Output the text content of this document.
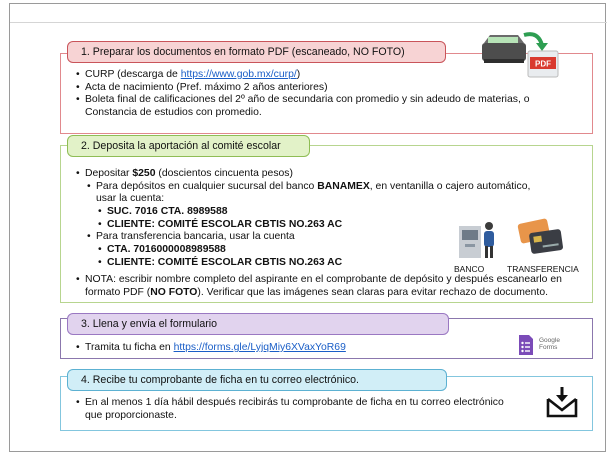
• CURP (descarga de https://www.gob.mx/curp/)
• Acta de nacimiento (Pref. máximo 2 años anteriores)
• Boleta final de calificaciones del 2º año de secundaria con promedio y sin adeudo de materias, o Constancia de estudios con promedio.
1. Preparar los documentos en formato PDF (escaneado, NO FOTO)
PDF
• Depositar $250 (doscientos cincuenta pesos)
• Para depósitos en cualquier sucursal del banco BANAMEX, en ventanilla o cajero automático, usar la cuenta:
• SUC. 7016 CTA. 8989588
• CLIENTE: COMITÉ ESCOLAR CBTIS NO.263 AC
• Para transferencia bancaria, usar la cuenta
• CTA. 7016000008989588
• CLIENTE: COMITÉ ESCOLAR CBTIS NO.263 AC
• NOTA: escribir nombre completo del aspirante en el comprobante de depósito y después escanearlo en formato PDF (NO FOTO). Verificar que las imágenes sean claras para evitar rechazo de documento.
2. Deposita la aportación al comité escolar
BANCO	TRANSFERENCIA
• Tramita tu ficha en https://forms.gle/LyjqMiy6XVaxYoR69
3. Llena y envía el formulario
Google
Forms
• En al menos 1 día hábil después recibirás tu comprobante de ficha en tu correo electrónico que proporcionaste.
4. Recibe tu comprobante de ficha en tu correo electrónico.
